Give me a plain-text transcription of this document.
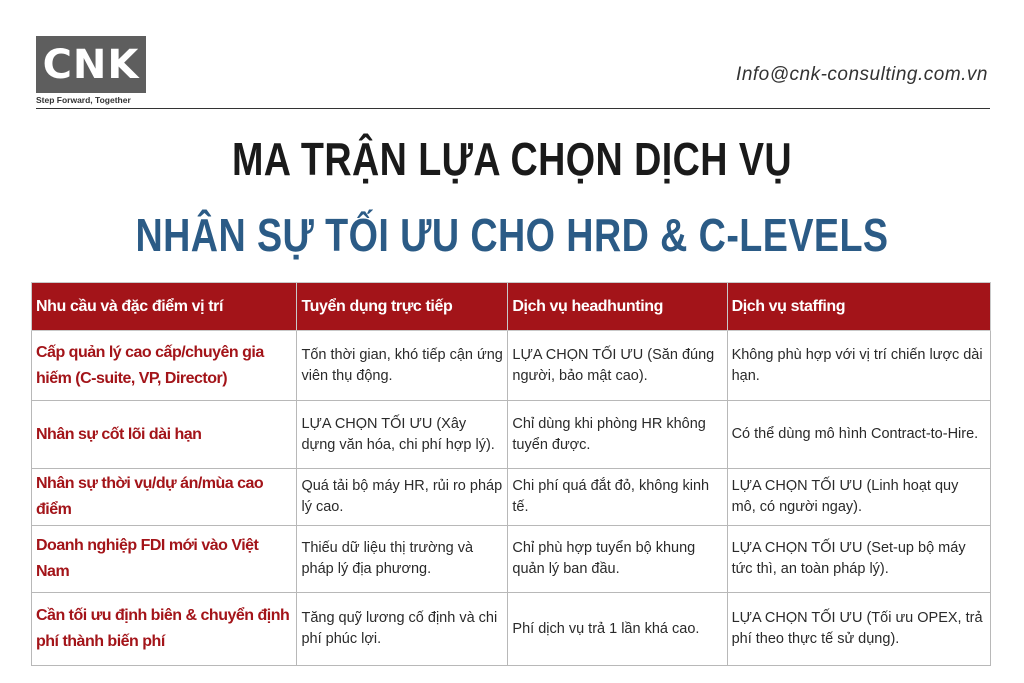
CNK
Step Forward, Together
Info@cnk-consulting.com.vn
MA TRẬN LỰA CHỌN DỊCH VỤ
NHÂN SỰ TỐI ƯU CHO HRD & C-LEVELS
Nhu cầu và đặc điểm vị trí	Tuyển dụng trực tiếp	Dịch vụ headhunting	Dịch vụ staffing
Cấp quản lý cao cấp/chuyên gia hiếm (C-suite, VP, Director)	Tốn thời gian, khó tiếp cận ứng viên thụ động.	LỰA CHỌN TỐI ƯU (Săn đúng người, bảo mật cao).	Không phù hợp với vị trí chiến lược dài hạn.
Nhân sự cốt lõi dài hạn	LỰA CHỌN TỐI ƯU (Xây dựng văn hóa, chi phí hợp lý).	Chỉ dùng khi phòng HR không tuyển được.	Có thể dùng mô hình Contract-to-Hire.
Nhân sự thời vụ/dự án/mùa cao điểm	Quá tải bộ máy HR, rủi ro pháp lý cao.	Chi phí quá đắt đỏ, không kinh tế.	LỰA CHỌN TỐI ƯU (Linh hoạt quy mô, có người ngay).
Doanh nghiệp FDI mới vào Việt Nam	Thiếu dữ liệu thị trường và pháp lý địa phương.	Chỉ phù hợp tuyển bộ khung quản lý ban đầu.	LỰA CHỌN TỐI ƯU (Set-up bộ máy tức thì, an toàn pháp lý).
Cần tối ưu định biên & chuyển định phí thành biến phí	Tăng quỹ lương cố định và chi phí phúc lợi.	Phí dịch vụ trả 1 lần khá cao.	LỰA CHỌN TỐI ƯU (Tối ưu OPEX, trả phí theo thực tế sử dụng).
